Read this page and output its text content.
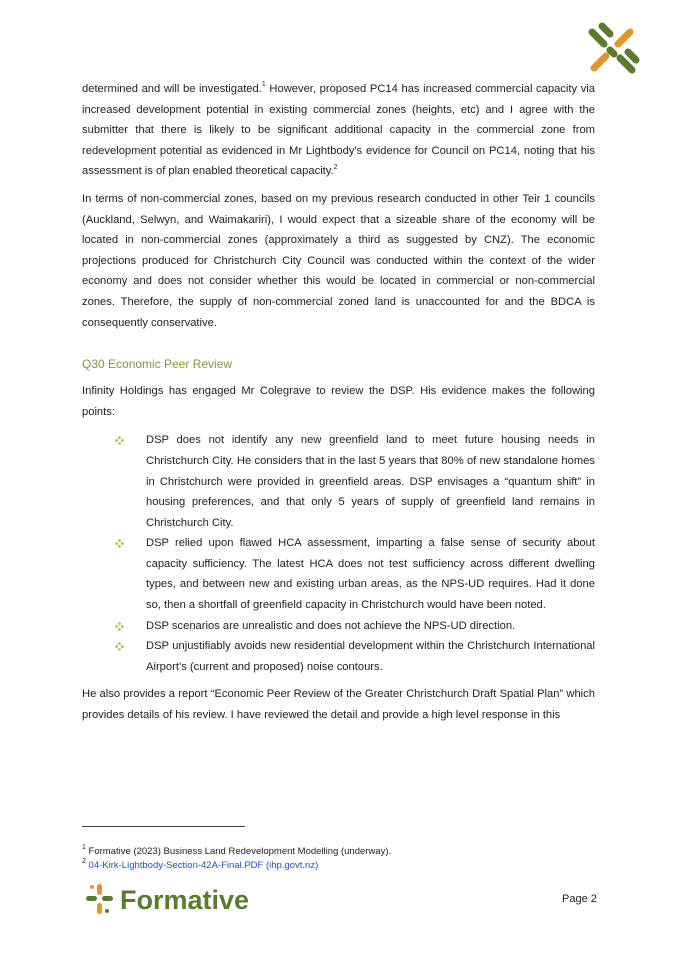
determined and will be investigated.$^1$ However, proposed PC14 has increased commercial capacity via increased development potential in existing commercial zones (heights, etc) and I agree with the submitter that there is likely to be significant additional capacity in the commercial zone from redevelopment potential as evidenced in Mr Lightbody's evidence for Council on PC14, noting that his assessment is of plan enabled theoretical capacity.$^2$

In terms of non-commercial zones, based on my previous research conducted in other Teir 1 councils (Auckland, Selwyn, and Waimakariri), I would expect that a sizeable share of the economy will be located in non-commercial zones (approximately a third as suggested by CNZ). The economic projections produced for Christchurch City Council was conducted within the context of the wider economy and does not consider whether this would be located in commercial or non-commercial zones. Therefore, the supply of non-commercial zoned land is unaccounted for and the BDCA is consequently conservative.

Q30 Economic Peer Review

Infinity Holdings has engaged Mr Colegrave to review the DSP. His evidence makes the following points:

DSP does not identify any new greenfield land to meet future housing needs in Christchurch City. He considers that in the last 5 years that 80% of new standalone homes in Christchurch were provided in greenfield areas. DSP envisages a “quantum shift” in housing preferences, and that only 5 years of supply of greenfield land remains in Christchurch City.
DSP relied upon flawed HCA assessment, imparting a false sense of security about capacity sufficiency. The latest HCA does not test sufficiency across different dwelling types, and between new and existing urban areas, as the NPS-UD requires. Had it done so, then a shortfall of greenfield capacity in Christchurch would have been noted.
DSP scenarios are unrealistic and does not achieve the NPS-UD direction.
DSP unjustifiably avoids new residential development within the Christchurch International Airport’s (current and proposed) noise contours.

He also provides a report “Economic Peer Review of the Greater Christchurch Draft Spatial Plan” which provides details of his review. I have reviewed the detail and provide a high level response in this

$^1$ Formative (2023) Business Land Redevelopment Modelling (underway).
$^2$ 04-Kirk-Lightbody-Section-42A-Final.PDF (ihp.govt.nz)
Formative	Page 2
